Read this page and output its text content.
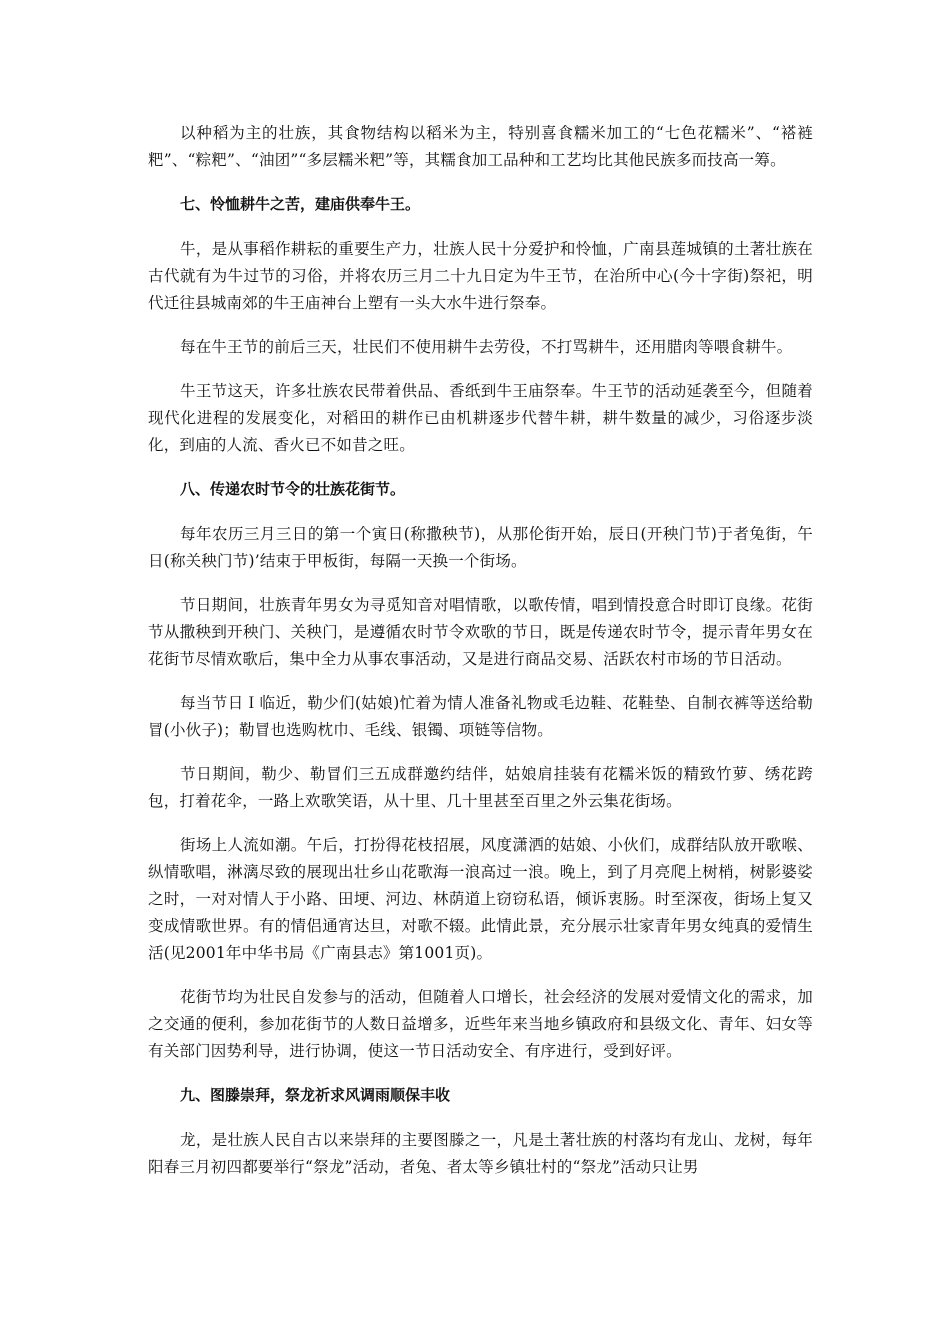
以种稻为主的壮族，其食物结构以稻米为主，特别喜食糯米加工的“七色花糯米”、“褡裢粑”、“粽粑”、“油团”“多层糯米粑”等，其糯食加工品种和工艺均比其他民族多而技高一筹。

七、怜恤耕牛之苦，建庙供奉牛王。

牛，是从事稻作耕耘的重要生产力，壮族人民十分爱护和怜恤，广南县莲城镇的土著壮族在古代就有为牛过节的习俗，并将农历三月二十九日定为牛王节，在治所中心(今十字街)祭祀，明代迁往县城南郊的牛王庙神台上塑有一头大水牛进行祭奉。

每在牛王节的前后三天，壮民们不使用耕牛去劳役，不打骂耕牛，还用腊肉等喂食耕牛。

牛王节这天，许多壮族农民带着供品、香纸到牛王庙祭奉。牛王节的活动延袭至今，但随着现代化进程的发展变化，对稻田的耕作已由机耕逐步代替牛耕，耕牛数量的减少，习俗逐步淡化，到庙的人流、香火已不如昔之旺。

八、传递农时节令的壮族花街节。

每年农历三月三日的第一个寅日(称撒秧节)，从那伦街开始，辰日(开秧门节)于者兔街，午日(称关秧门节)’结束于甲板街，每隔一天换一个街场。

节日期间，壮族青年男女为寻觅知音对唱情歌，以歌传情，唱到情投意合时即订良缘。花街节从撒秧到开秧门、关秧门，是遵循农时节令欢歌的节日，既是传递农时节令，提示青年男女在花街节尽情欢歌后，集中全力从事农事活动，又是进行商品交易、活跃农村市场的节日活动。

每当节日Ｉ临近，勒少们(姑娘)忙着为情人准备礼物或毛边鞋、花鞋垫、自制衣裤等送给勒冒(小伙子)；勒冒也选购枕巾、毛线、银镯、项链等信物。

节日期间，勒少、勒冒们三五成群邀约结伴，姑娘肩挂装有花糯米饭的精致竹萝、绣花跨包，打着花伞，一路上欢歌笑语，从十里、几十里甚至百里之外云集花街场。

街场上人流如潮。午后，打扮得花枝招展，风度潇洒的姑娘、小伙们，成群结队放开歌喉、纵情歌唱，淋漓尽致的展现出壮乡山花歌海一浪高过一浪。晚上，到了月亮爬上树梢，树影婆娑之时，一对对情人于小路、田埂、河边、林荫道上窃窃私语，倾诉衷肠。时至深夜，街场上复又变成情歌世界。有的情侣通宵达旦，对歌不辍。此情此景，充分展示壮家青年男女纯真的爱情生活(见2001年中华书局《广南县志》第1001页)。

花街节均为壮民自发参与的活动，但随着人口增长，社会经济的发展对爱情文化的需求，加之交通的便利，参加花街节的人数日益增多，近些年来当地乡镇政府和县级文化、青年、妇女等有关部门因势利导，进行协调，使这一节日活动安全、有序进行，受到好评。

九、图滕崇拜，祭龙祈求风调雨顺保丰收

龙，是壮族人民自古以来崇拜的主要图滕之一，凡是土著壮族的村落均有龙山、龙树，每年阳春三月初四都要举行“祭龙”活动，者兔、者太等乡镇壮村的“祭龙”活动只让男
